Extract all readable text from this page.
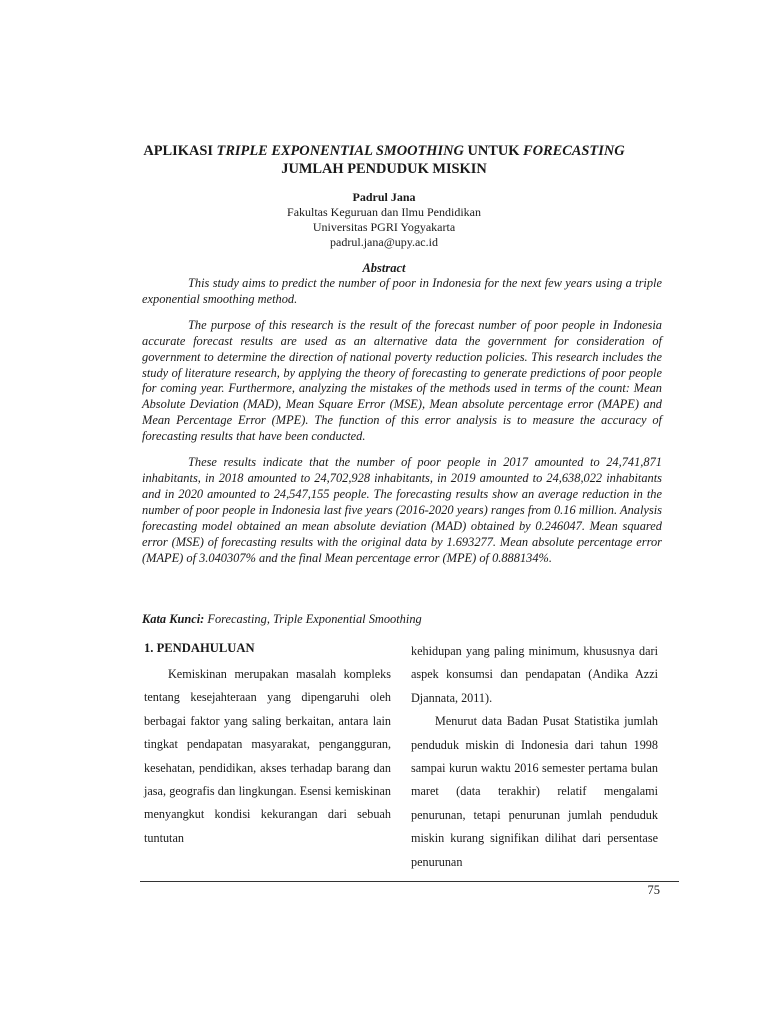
APLIKASI TRIPLE EXPONENTIAL SMOOTHING UNTUK FORECASTING
JUMLAH PENDUDUK MISKIN
Padrul Jana
Fakultas Keguruan dan Ilmu Pendidikan
Universitas PGRI Yogyakarta
padrul.jana@upy.ac.id
Abstract

This study aims to predict the number of poor in Indonesia for the next few years using a triple exponential smoothing method.

The purpose of this research is the result of the forecast number of poor people in Indonesia accurate forecast results are used as an alternative data the government for consideration of government to determine the direction of national poverty reduction policies. This research includes the study of literature research, by applying the theory of forecasting to generate predictions of poor people for coming year. Furthermore, analyzing the mistakes of the methods used in terms of the count: Mean Absolute Deviation (MAD), Mean Square Error (MSE), Mean absolute percentage error (MAPE) and Mean Percentage Error (MPE). The function of this error analysis is to measure the accuracy of forecasting results that have been conducted.

These results indicate that the number of poor people in 2017 amounted to 24,741,871 inhabitants, in 2018 amounted to 24,702,928 inhabitants, in 2019 amounted to 24,638,022 inhabitants and in 2020 amounted to 24,547,155 people. The forecasting results show an average reduction in the number of poor people in Indonesia last five years (2016-2020 years) ranges from 0.16 million. Analysis forecasting model obtained an mean absolute deviation (MAD) obtained by 0.246047. Mean squared error (MSE) of forecasting results with the original data by 1.693277. Mean absolute percentage error (MAPE) of 3.040307% and the final Mean percentage error (MPE) of 0.888134%.

Kata Kunci: Forecasting, Triple Exponential Smoothing
1. PENDAHULUAN

Kemiskinan merupakan masalah kompleks tentang kesejahteraan yang dipengaruhi oleh berbagai faktor yang saling berkaitan, antara lain tingkat pendapatan masyarakat, pengangguran, kesehatan, pendidikan, akses terhadap barang dan jasa, geografis dan lingkungan. Esensi kemiskinan menyangkut kondisi kekurangan dari sebuah tuntutan

kehidupan yang paling minimum, khususnya dari aspek konsumsi dan pendapatan (Andika Azzi Djannata, 2011).

Menurut data Badan Pusat Statistika jumlah penduduk miskin di Indonesia dari tahun 1998 sampai kurun waktu 2016 semester pertama bulan maret (data terakhir) relatif mengalami penurunan, tetapi penurunan jumlah penduduk miskin kurang signifikan dilihat dari persentase penurunan

75
